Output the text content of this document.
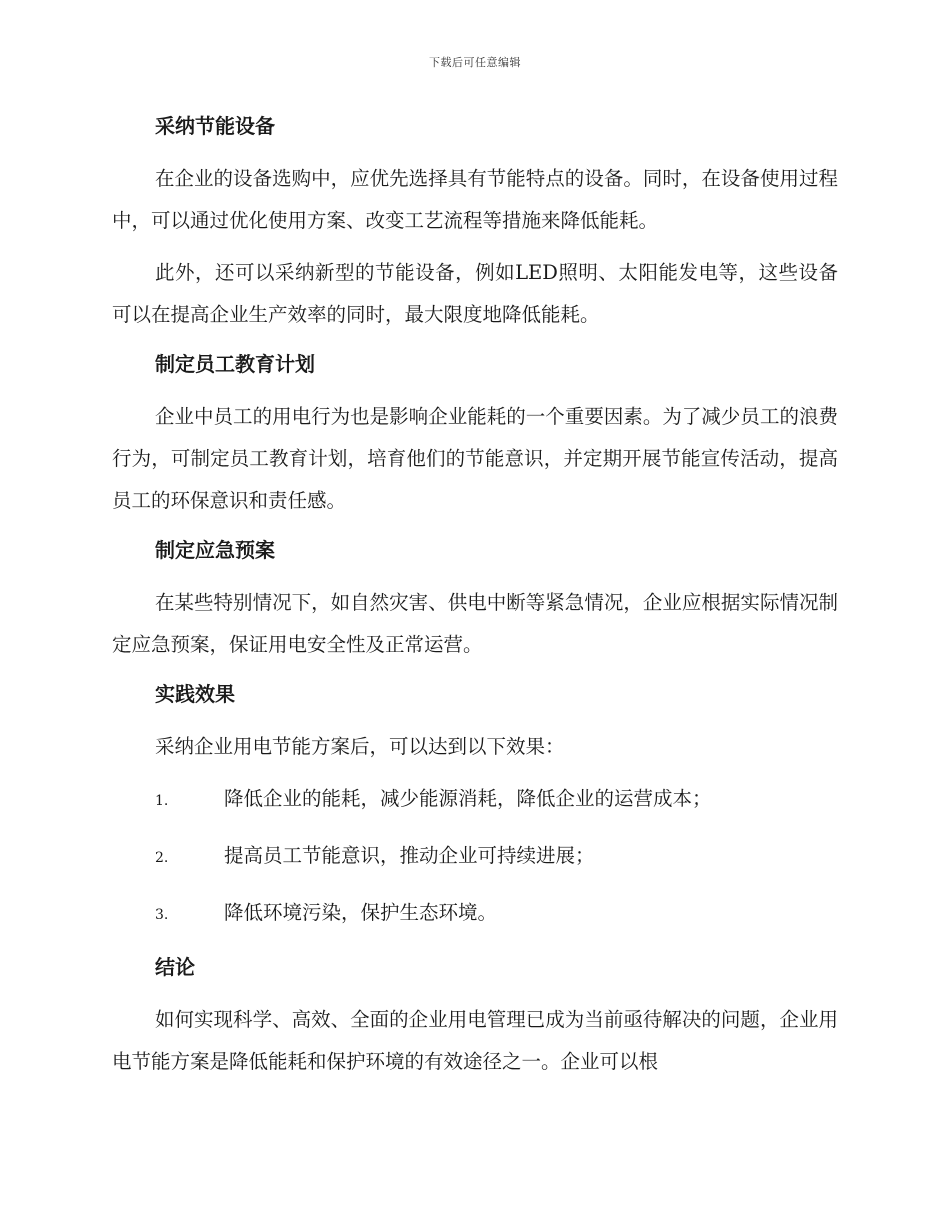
下载后可任意编辑
采纳节能设备

在企业的设备选购中，应优先选择具有节能特点的设备。同时，在设备使用过程中，可以通过优化使用方案、改变工艺流程等措施来降低能耗。

此外，还可以采纳新型的节能设备，例如LED照明、太阳能发电等，这些设备可以在提高企业生产效率的同时，最大限度地降低能耗。

制定员工教育计划

企业中员工的用电行为也是影响企业能耗的一个重要因素。为了减少员工的浪费行为，可制定员工教育计划，培育他们的节能意识，并定期开展节能宣传活动，提高员工的环保意识和责任感。

制定应急预案

在某些特别情况下，如自然灾害、供电中断等紧急情况，企业应根据实际情况制定应急预案，保证用电安全性及正常运营。

实践效果

采纳企业用电节能方案后，可以达到以下效果：

1.	降低企业的能耗，减少能源消耗，降低企业的运营成本；
2.	提高员工节能意识，推动企业可持续进展；
3.	降低环境污染，保护生态环境。
结论

如何实现科学、高效、全面的企业用电管理已成为当前亟待解决的问题，企业用电节能方案是降低能耗和保护环境的有效途径之一。企业可以根
